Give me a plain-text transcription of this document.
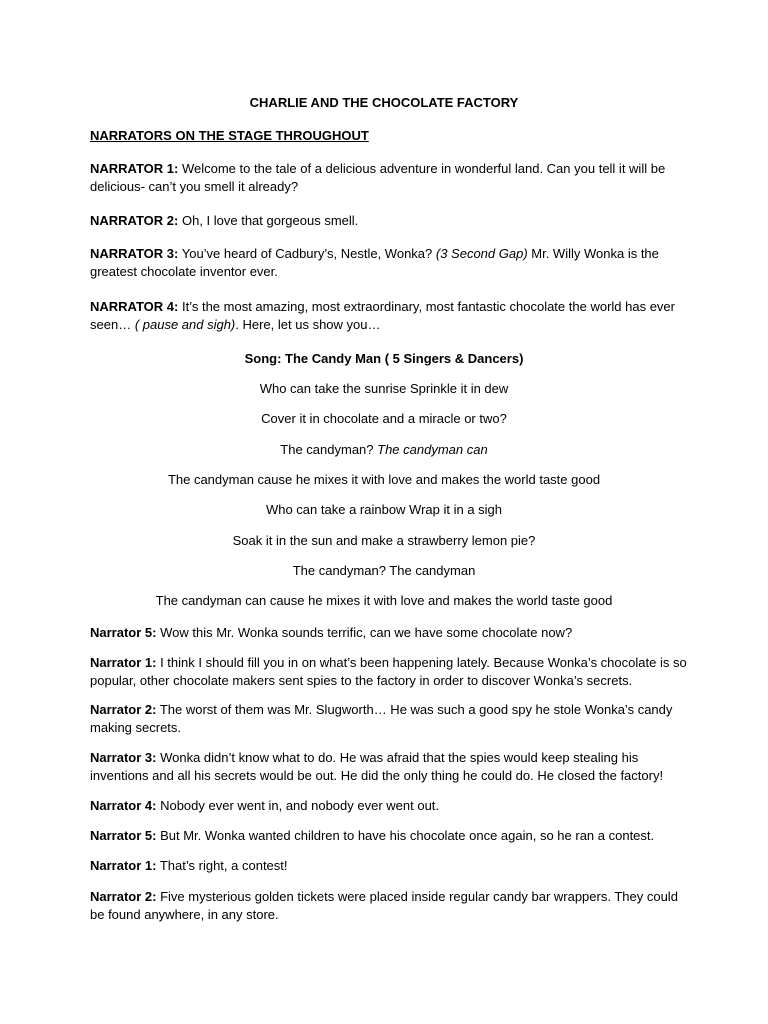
CHARLIE AND THE CHOCOLATE FACTORY
NARRATORS ON THE STAGE THROUGHOUT
NARRATOR 1: Welcome to the tale of a delicious adventure in wonderful land. Can you tell it will be delicious- can’t you smell it already?
NARRATOR 2: Oh, I love that gorgeous smell.
NARRATOR 3: You’ve heard of Cadbury’s, Nestle, Wonka? (3 Second Gap) Mr. Willy Wonka is the greatest chocolate inventor ever.
NARRATOR 4: It’s the most amazing, most extraordinary, most fantastic chocolate the world has ever seen… ( pause and sigh). Here, let us show you…
Song: The Candy Man ( 5 Singers & Dancers)
Who can take the sunrise Sprinkle it in dew
Cover it in chocolate and a miracle or two?
The candyman? The candyman can
The candyman cause he mixes it with love and makes the world taste good
Who can take a rainbow Wrap it in a sigh
Soak it in the sun and make a strawberry lemon pie?
The candyman? The candyman
The candyman can cause he mixes it with love and makes the world taste good
Narrator 5: Wow this Mr. Wonka sounds terrific, can we have some chocolate now?
Narrator 1: I think I should fill you in on what’s been happening lately. Because Wonka’s chocolate is so popular, other chocolate makers sent spies to the factory in order to discover Wonka’s secrets.
Narrator 2: The worst of them was Mr. Slugworth… He was such a good spy he stole Wonka’s candy making secrets.
Narrator 3: Wonka didn’t know what to do. He was afraid that the spies would keep stealing his inventions and all his secrets would be out. He did the only thing he could do. He closed the factory!
Narrator 4: Nobody ever went in, and nobody ever went out.
Narrator 5: But Mr. Wonka wanted children to have his chocolate once again, so he ran a contest.
Narrator 1: That’s right, a contest!
Narrator 2: Five mysterious golden tickets were placed inside regular candy bar wrappers. They could be found anywhere, in any store.
